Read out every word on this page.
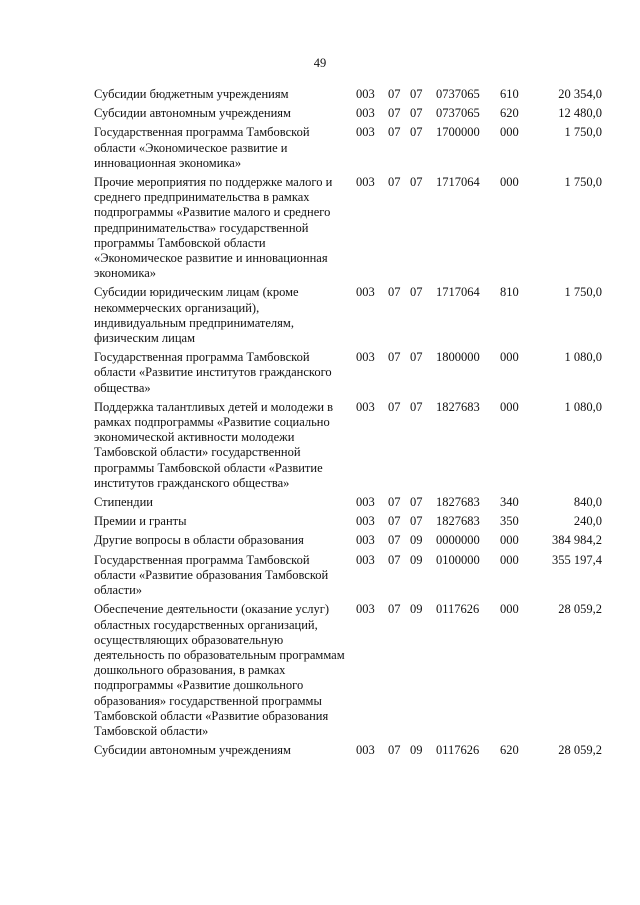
49
Субсидии бюджетным учреждениям	003	07 07	0737065	610	20 354,0

Субсидии автономным учреждениям	003	07 07	0737065	620	12 480,0

Государственная программа Тамбовской области «Экономическое развитие и инновационная экономика»	003	07 07	1700000	000	1 750,0

Прочие мероприятия по поддержке малого и среднего предпринимательства в рамках подпрограммы «Развитие малого и среднего предпринимательства» государственной программы Тамбовской области «Экономическое развитие и инновационная экономика»	003	07 07	1717064	000	1 750,0

Субсидии юридическим лицам (кроме некоммерческих организаций), индивидуальным предпринимателям, физическим лицам	003	07 07	1717064	810	1 750,0

Государственная программа Тамбовской области «Развитие институтов гражданского общества»	003	07 07	1800000	000	1 080,0

Поддержка талантливых детей и молодежи в рамках подпрограммы «Развитие социально экономической активности молодежи Тамбовской области» государственной программы Тамбовской области «Развитие институтов гражданского общества»	003	07 07	1827683	000	1 080,0

Стипендии	003	07 07	1827683	340	840,0

Премии и гранты	003	07 07	1827683	350	240,0

Другие вопросы в области образования	003	07 09	0000000	000	384 984,2

Государственная программа Тамбовской области «Развитие образования Тамбовской области»	003	07 09	0100000	000	355 197,4

Обеспечение деятельности (оказание услуг) областных государственных организаций, осуществляющих образовательную деятельность по образовательным программам дошкольного образования, в рамках подпрограммы «Развитие дошкольного образования» государственной программы Тамбовской области «Развитие образования Тамбовской области»	003	07 09	0117626	000	28 059,2

Субсидии автономным учреждениям	003	07 09	0117626	620	28 059,2
